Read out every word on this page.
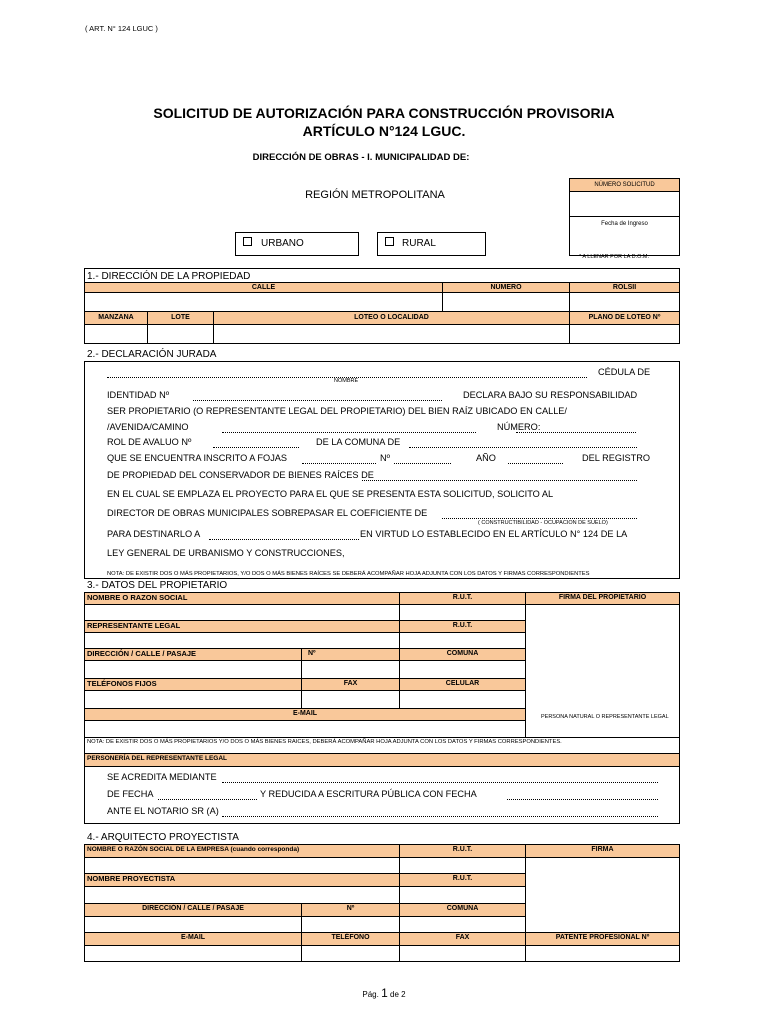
( ART. N° 124 LGUC )
SOLICITUD DE AUTORIZACIÓN PARA CONSTRUCCIÓN PROVISORIA
ARTÍCULO N°124 LGUC.
DIRECCIÓN DE OBRAS - I. MUNICIPALIDAD DE:
REGIÓN METROPOLITANA
NÚMERO SOLICITUD
Fecha de Ingreso
* A LLENAR POR LA D.O.M.
URBANO	RURAL
1.- DIRECCIÓN DE LA PROPIEDAD
CALLE	NÚMERO	ROLSII
MANZANA	LOTE	LOTEO O LOCALIDAD	PLANO DE LOTEO Nº
2.- DECLARACIÓN JURADA
CÉDULA DE
NOMBRE
IDENTIDAD Nº	DECLARA BAJO SU RESPONSABILIDAD
SER PROPIETARIO (O REPRESENTANTE LEGAL DEL PROPIETARIO) DEL BIEN RAÍZ UBICADO EN CALLE/
/AVENIDA/CAMINO	NÚMERO:
ROL DE AVALUO Nº	DE LA COMUNA DE
QUE SE ENCUENTRA INSCRITO A FOJAS	Nº	AÑO	DEL REGISTRO
DE PROPIEDAD DEL CONSERVADOR DE BIENES RAÍCES DE
EN EL CUAL SE EMPLAZA EL PROYECTO PARA EL QUE SE PRESENTA ESTA SOLICITUD, SOLICITO AL
DIRECTOR DE OBRAS MUNICIPALES SOBREPASAR EL COEFICIENTE DE
( CONSTRUCTIBILIDAD - OCUPACION DE SUELO)
PARA DESTINARLO A	EN VIRTUD LO ESTABLECIDO EN EL ARTÍCULO N° 124 DE LA
LEY GENERAL DE URBANISMO Y CONSTRUCCIONES,
NOTA: DE EXISTIR DOS O MÁS PROPIETARIOS, Y/O DOS O MÁS BIENES RAÍCES SE DEBERÁ ACOMPAÑAR HOJA ADJUNTA CON LOS DATOS Y FIRMAS CORRESPONDIENTES
3.- DATOS DEL PROPIETARIO
NOMBRE O RAZON SOCIAL	R.U.T.	FIRMA DEL PROPIETARIO
PERSONA NATURAL O REPRESENTANTE LEGAL
REPRESENTANTE LEGAL	R.U.T.
DIRECCIÓN / CALLE / PASAJE	Nº	COMUNA
TELÉFONOS FIJOS	FAX	CELULAR
E-MAIL
NOTA: DE EXISTIR DOS O MÁS PROPIETARIOS Y/O DOS O MÁS BIENES RAICES, DEBERÁ ACOMPAÑAR HOJA ADJUNTA CON LOS DATOS Y FIRMAS CORRESPONDIENTES.
PERSONERÍA DEL REPRESENTANTE LEGAL
SE ACREDITA MEDIANTE
DE FECHA	Y REDUCIDA A ESCRITURA PÚBLICA CON FECHA
ANTE EL NOTARIO SR (A)
4.- ARQUITECTO PROYECTISTA
NOMBRE O RAZÓN SOCIAL DE LA EMPRESA (cuando corresponda)	R.U.T.	FIRMA
NOMBRE PROYECTISTA	R.U.T.
DIRECCIÓN / CALLE / PASAJE	Nº	COMUNA
E-MAIL	TELÉFONO	FAX	PATENTE PROFESIONAL Nº
Pág. 1 de 2
